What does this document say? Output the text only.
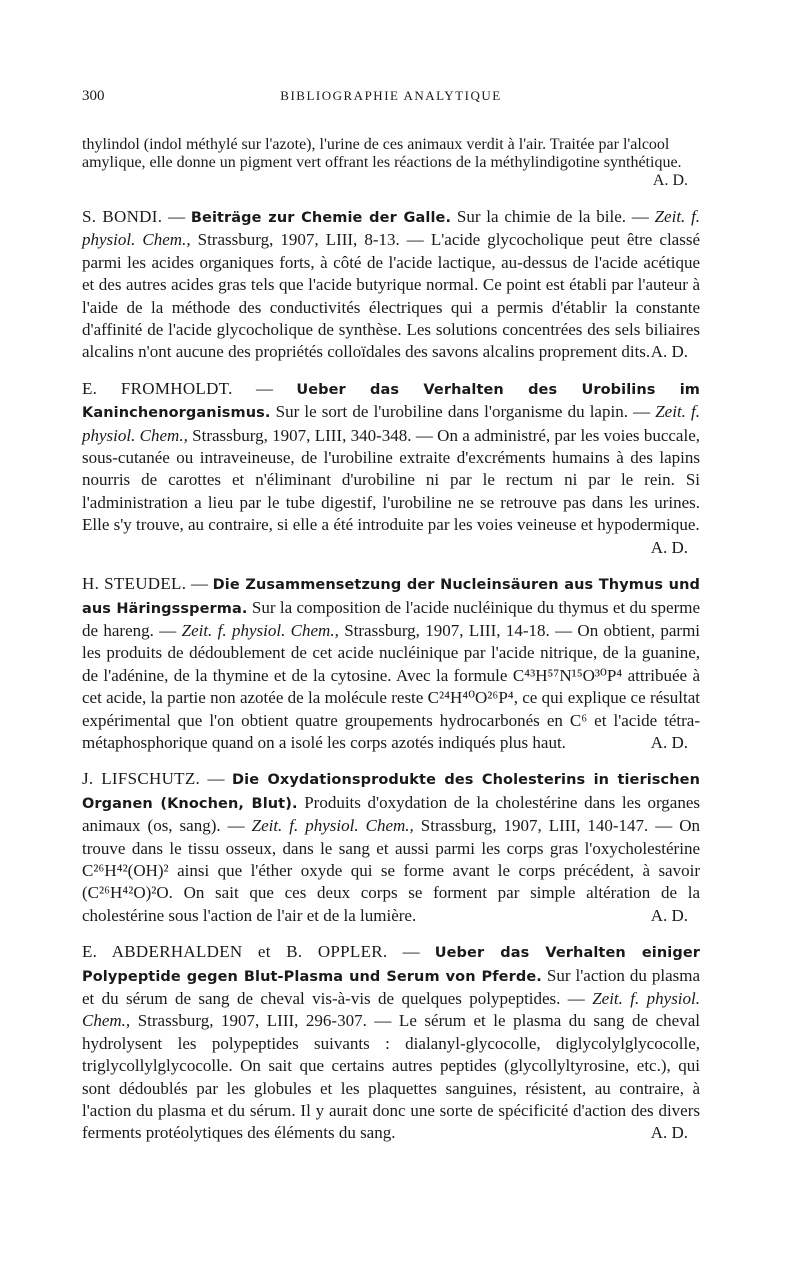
300	BIBLIOGRAPHIE ANALYTIQUE

thylindol (indol méthylé sur l'azote), l'urine de ces animaux verdit à l'air. Traitée par l'alcool amylique, elle donne un pigment vert offrant les réactions de la méthylindigotine synthétique.
A. D.

S. BONDI. — Beiträge zur Chemie der Galle. Sur la chimie de la bile. — Zeit. f. physiol. Chem., Strassburg, 1907, LIII, 8-13. — L'acide glycocholique peut être classé parmi les acides organiques forts, à côté de l'acide lactique, au-dessus de l'acide acétique et des autres acides gras tels que l'acide butyrique normal. Ce point est établi par l'auteur à l'aide de la méthode des conductivités électriques qui a permis d'établir la constante d'affinité de l'acide glycocholique de synthèse. Les solutions concentrées des sels biliaires alcalins n'ont aucune des propriétés colloïdales des savons alcalins proprement dits. A. D.

E. FROMHOLDT. — Ueber das Verhalten des Urobilins im Kaninchenorganismus. Sur le sort de l'urobiline dans l'organisme du lapin. — Zeit. f. physiol. Chem., Strassburg, 1907, LIII, 340-348. — On a administré, par les voies buccale, sous-cutanée ou intraveineuse, de l'urobiline extraite d'excréments humains à des lapins nourris de carottes et n'éliminant d'urobiline ni par le rectum ni par le rein. Si l'administration a lieu par le tube digestif, l'urobiline ne se retrouve pas dans les urines. Elle s'y trouve, au contraire, si elle a été introduite par les voies veineuse et hypodermique.
A. D.

H. STEUDEL. — Die Zusammensetzung der Nucleinsäuren aus Thymus und aus Häringssperma. Sur la composition de l'acide nucléinique du thymus et du sperme de hareng. — Zeit. f. physiol. Chem., Strassburg, 1907, LIII, 14-18. — On obtient, parmi les produits de dédoublement de cet acide nucléinique par l'acide nitrique, de la guanine, de l'adénine, de la thymine et de la cytosine. Avec la formule C⁴³H⁵⁷N¹⁵O³⁰P⁴ attribuée à cet acide, la partie non azotée de la molécule reste C²⁴H⁴⁰O²⁶P⁴, ce qui explique ce résultat expérimental que l'on obtient quatre groupements hydrocarbonés en C⁶ et l'acide tétra-métaphosphorique quand on a isolé les corps azotés indiqués plus haut.	A. D.

J. LIFSCHUTZ. — Die Oxydationsprodukte des Cholesterins in tierischen Organen (Knochen, Blut). Produits d'oxydation de la cholestérine dans les organes animaux (os, sang). — Zeit. f. physiol. Chem., Strassburg, 1907, LIII, 140-147. — On trouve dans le tissu osseux, dans le sang et aussi parmi les corps gras l'oxycholestérine C²⁶H⁴²(OH)² ainsi que l'éther oxyde qui se forme avant le corps précédent, à savoir (C²⁶H⁴²O)²O. On sait que ces deux corps se forment par simple altération de la cholestérine sous l'action de l'air et de la lumière.	A. D.

E. ABDERHALDEN et B. OPPLER. — Ueber das Verhalten einiger Polypeptide gegen Blut-Plasma und Serum von Pferde. Sur l'action du plasma et du sérum de sang de cheval vis-à-vis de quelques polypeptides. — Zeit. f. physiol. Chem., Strassburg, 1907, LIII, 296-307. — Le sérum et le plasma du sang de cheval hydrolysent les polypeptides suivants : dialanyl-glycocolle, diglycolylglycocolle, triglycollylglycocolle. On sait que certains autres peptides (glycollyltyrosine, etc.), qui sont dédoublés par les globules et les plaquettes sanguines, résistent, au contraire, à l'action du plasma et du sérum. Il y aurait donc une sorte de spécificité d'action des divers ferments protéolytiques des éléments du sang.	A. D.
